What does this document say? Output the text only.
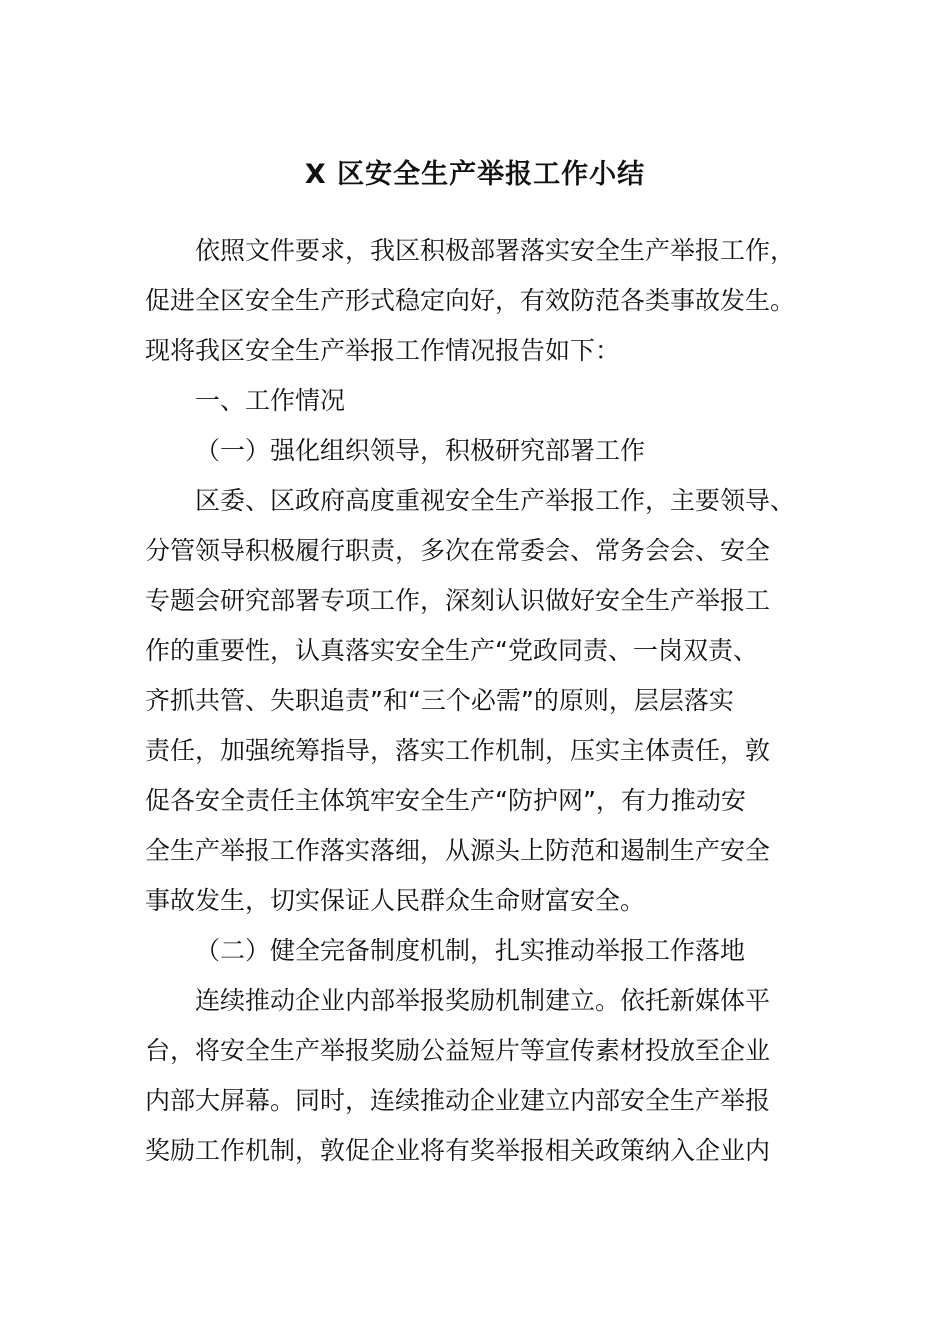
X 区安全生产举报工作小结
依照文件要求，我区积极部署落实安全生产举报工作，
促进全区安全生产形式稳定向好，有效防范各类事故发生。
现将我区安全生产举报工作情况报告如下：
一、工作情况
（一）强化组织领导，积极研究部署工作
区委、区政府高度重视安全生产举报工作，主要领导、
分管领导积极履行职责，多次在常委会、常务会会、安全
专题会研究部署专项工作，深刻认识做好安全生产举报工
作的重要性，认真落实安全生产“党政同责、一岗双责、
齐抓共管、失职追责”和“三个必需”的原则，层层落实
责任，加强统筹指导，落实工作机制，压实主体责任，敦
促各安全责任主体筑牢安全生产“防护网”，有力推动安
全生产举报工作落实落细，从源头上防范和遏制生产安全
事故发生，切实保证人民群众生命财富安全。
（二）健全完备制度机制，扎实推动举报工作落地
连续推动企业内部举报奖励机制建立。依托新媒体平
台，将安全生产举报奖励公益短片等宣传素材投放至企业
内部大屏幕。同时，连续推动企业建立内部安全生产举报
奖励工作机制，敦促企业将有奖举报相关政策纳入企业内
